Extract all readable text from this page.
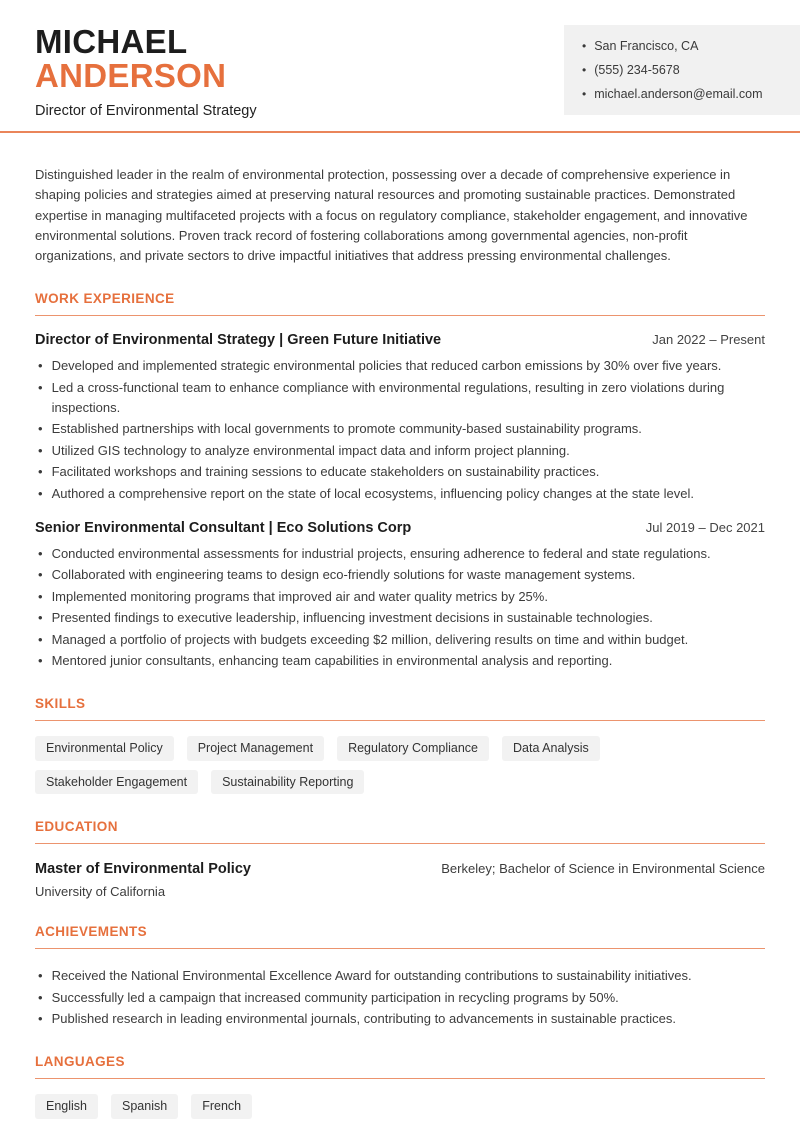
MICHAEL
ANDERSON
Director of Environmental Strategy
• San Francisco, CA
• (555) 234-5678
• michael.anderson@email.com

Distinguished leader in the realm of environmental protection, possessing over a decade of comprehensive experience in shaping policies and strategies aimed at preserving natural resources and promoting sustainable practices. Demonstrated expertise in managing multifaceted projects with a focus on regulatory compliance, stakeholder engagement, and innovative environmental solutions. Proven track record of fostering collaborations among governmental agencies, non-profit organizations, and private sectors to drive impactful initiatives that address pressing environmental challenges.

WORK EXPERIENCE
Director of Environmental Strategy | Green Future Initiative	Jan 2022 – Present
• Developed and implemented strategic environmental policies that reduced carbon emissions by 30% over five years.
• Led a cross-functional team to enhance compliance with environmental regulations, resulting in zero violations during inspections.
• Established partnerships with local governments to promote community-based sustainability programs.
• Utilized GIS technology to analyze environmental impact data and inform project planning.
• Facilitated workshops and training sessions to educate stakeholders on sustainability practices.
• Authored a comprehensive report on the state of local ecosystems, influencing policy changes at the state level.
Senior Environmental Consultant | Eco Solutions Corp	Jul 2019 – Dec 2021
• Conducted environmental assessments for industrial projects, ensuring adherence to federal and state regulations.
• Collaborated with engineering teams to design eco-friendly solutions for waste management systems.
• Implemented monitoring programs that improved air and water quality metrics by 25%.
• Presented findings to executive leadership, influencing investment decisions in sustainable technologies.
• Managed a portfolio of projects with budgets exceeding $2 million, delivering results on time and within budget.
• Mentored junior consultants, enhancing team capabilities in environmental analysis and reporting.
SKILLS
Environmental Policy	Project Management	Regulatory Compliance	Data Analysis
Stakeholder Engagement	Sustainability Reporting
EDUCATION
Master of Environmental Policy	Berkeley; Bachelor of Science in Environmental Science
University of California
ACHIEVEMENTS
• Received the National Environmental Excellence Award for outstanding contributions to sustainability initiatives.
• Successfully led a campaign that increased community participation in recycling programs by 50%.
• Published research in leading environmental journals, contributing to advancements in sustainable practices.
LANGUAGES
English	Spanish	French
